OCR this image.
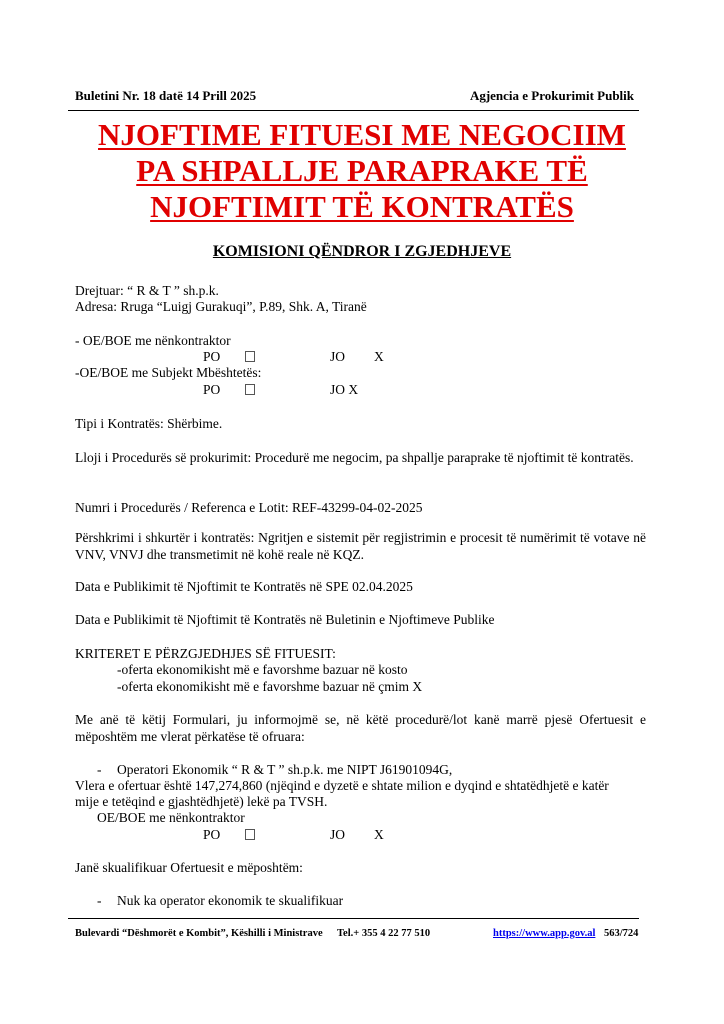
Buletini Nr. 18 datë 14 Prill 2025	Agjencia e Prokurimit Publik
NJOFTIME FITUESI ME NEGOCIIM
PA SHPALLJE PARAPRAKE TË
NJOFTIMIT TË KONTRATËS
KOMISIONI QËNDROR I ZGJEDHJEVE
Drejtuar: “ R & T ” sh.p.k.
Adresa: Rruga “Luigj Gurakuqi”, P.89, Shk. A, Tiranë
- OE/BOE me nënkontraktor
PO	JO X
-OE/BOE me Subjekt Mbështetës:
PO	JO X
Tipi i Kontratës: Shërbime.
Lloji i Procedurës së prokurimit: Procedurë me negocim, pa shpallje paraprake të njoftimit të kontratës.
Numri i Procedurës / Referenca e Lotit: REF-43299-04-02-2025
Përshkrimi i shkurtër i kontratës: Ngritjen e sistemit për regjistrimin e procesit të numërimit të votave në VNV, VNVJ dhe transmetimit në kohë reale në KQZ.
Data e Publikimit të Njoftimit te Kontratës në SPE 02.04.2025
Data e Publikimit të Njoftimit të Kontratës në Buletinin e Njoftimeve Publike
KRITERET E PËRZGJEDHJES SË FITUESIT:
-oferta ekonomikisht më e favorshme bazuar në kosto
-oferta ekonomikisht më e favorshme bazuar në çmim X
Me anë të këtij Formulari, ju informojmë se, në këtë procedurë/lot kanë marrë pjesë Ofertuesit e mëposhtëm me vlerat përkatëse të ofruara:
- Operatori Ekonomik “ R & T ” sh.p.k. me NIPT J61901094G,
Vlera e ofertuar është 147,274,860 (njëqind e dyzetë e shtate milion e dyqind e shtatëdhjetë e katër
mije e tetëqind e gjashtëdhjetë) lekë pa TVSH.
OE/BOE me nënkontraktor
PO	JO X
Janë skualifikuar Ofertuesit e mëposhtëm:
- Nuk ka operator ekonomik te skualifikuar
Bulevardi “Dëshmorët e Kombit”, Këshilli i Ministrave Tel.+ 355 4 22 77 510	https://www.app.gov.al 563/724
